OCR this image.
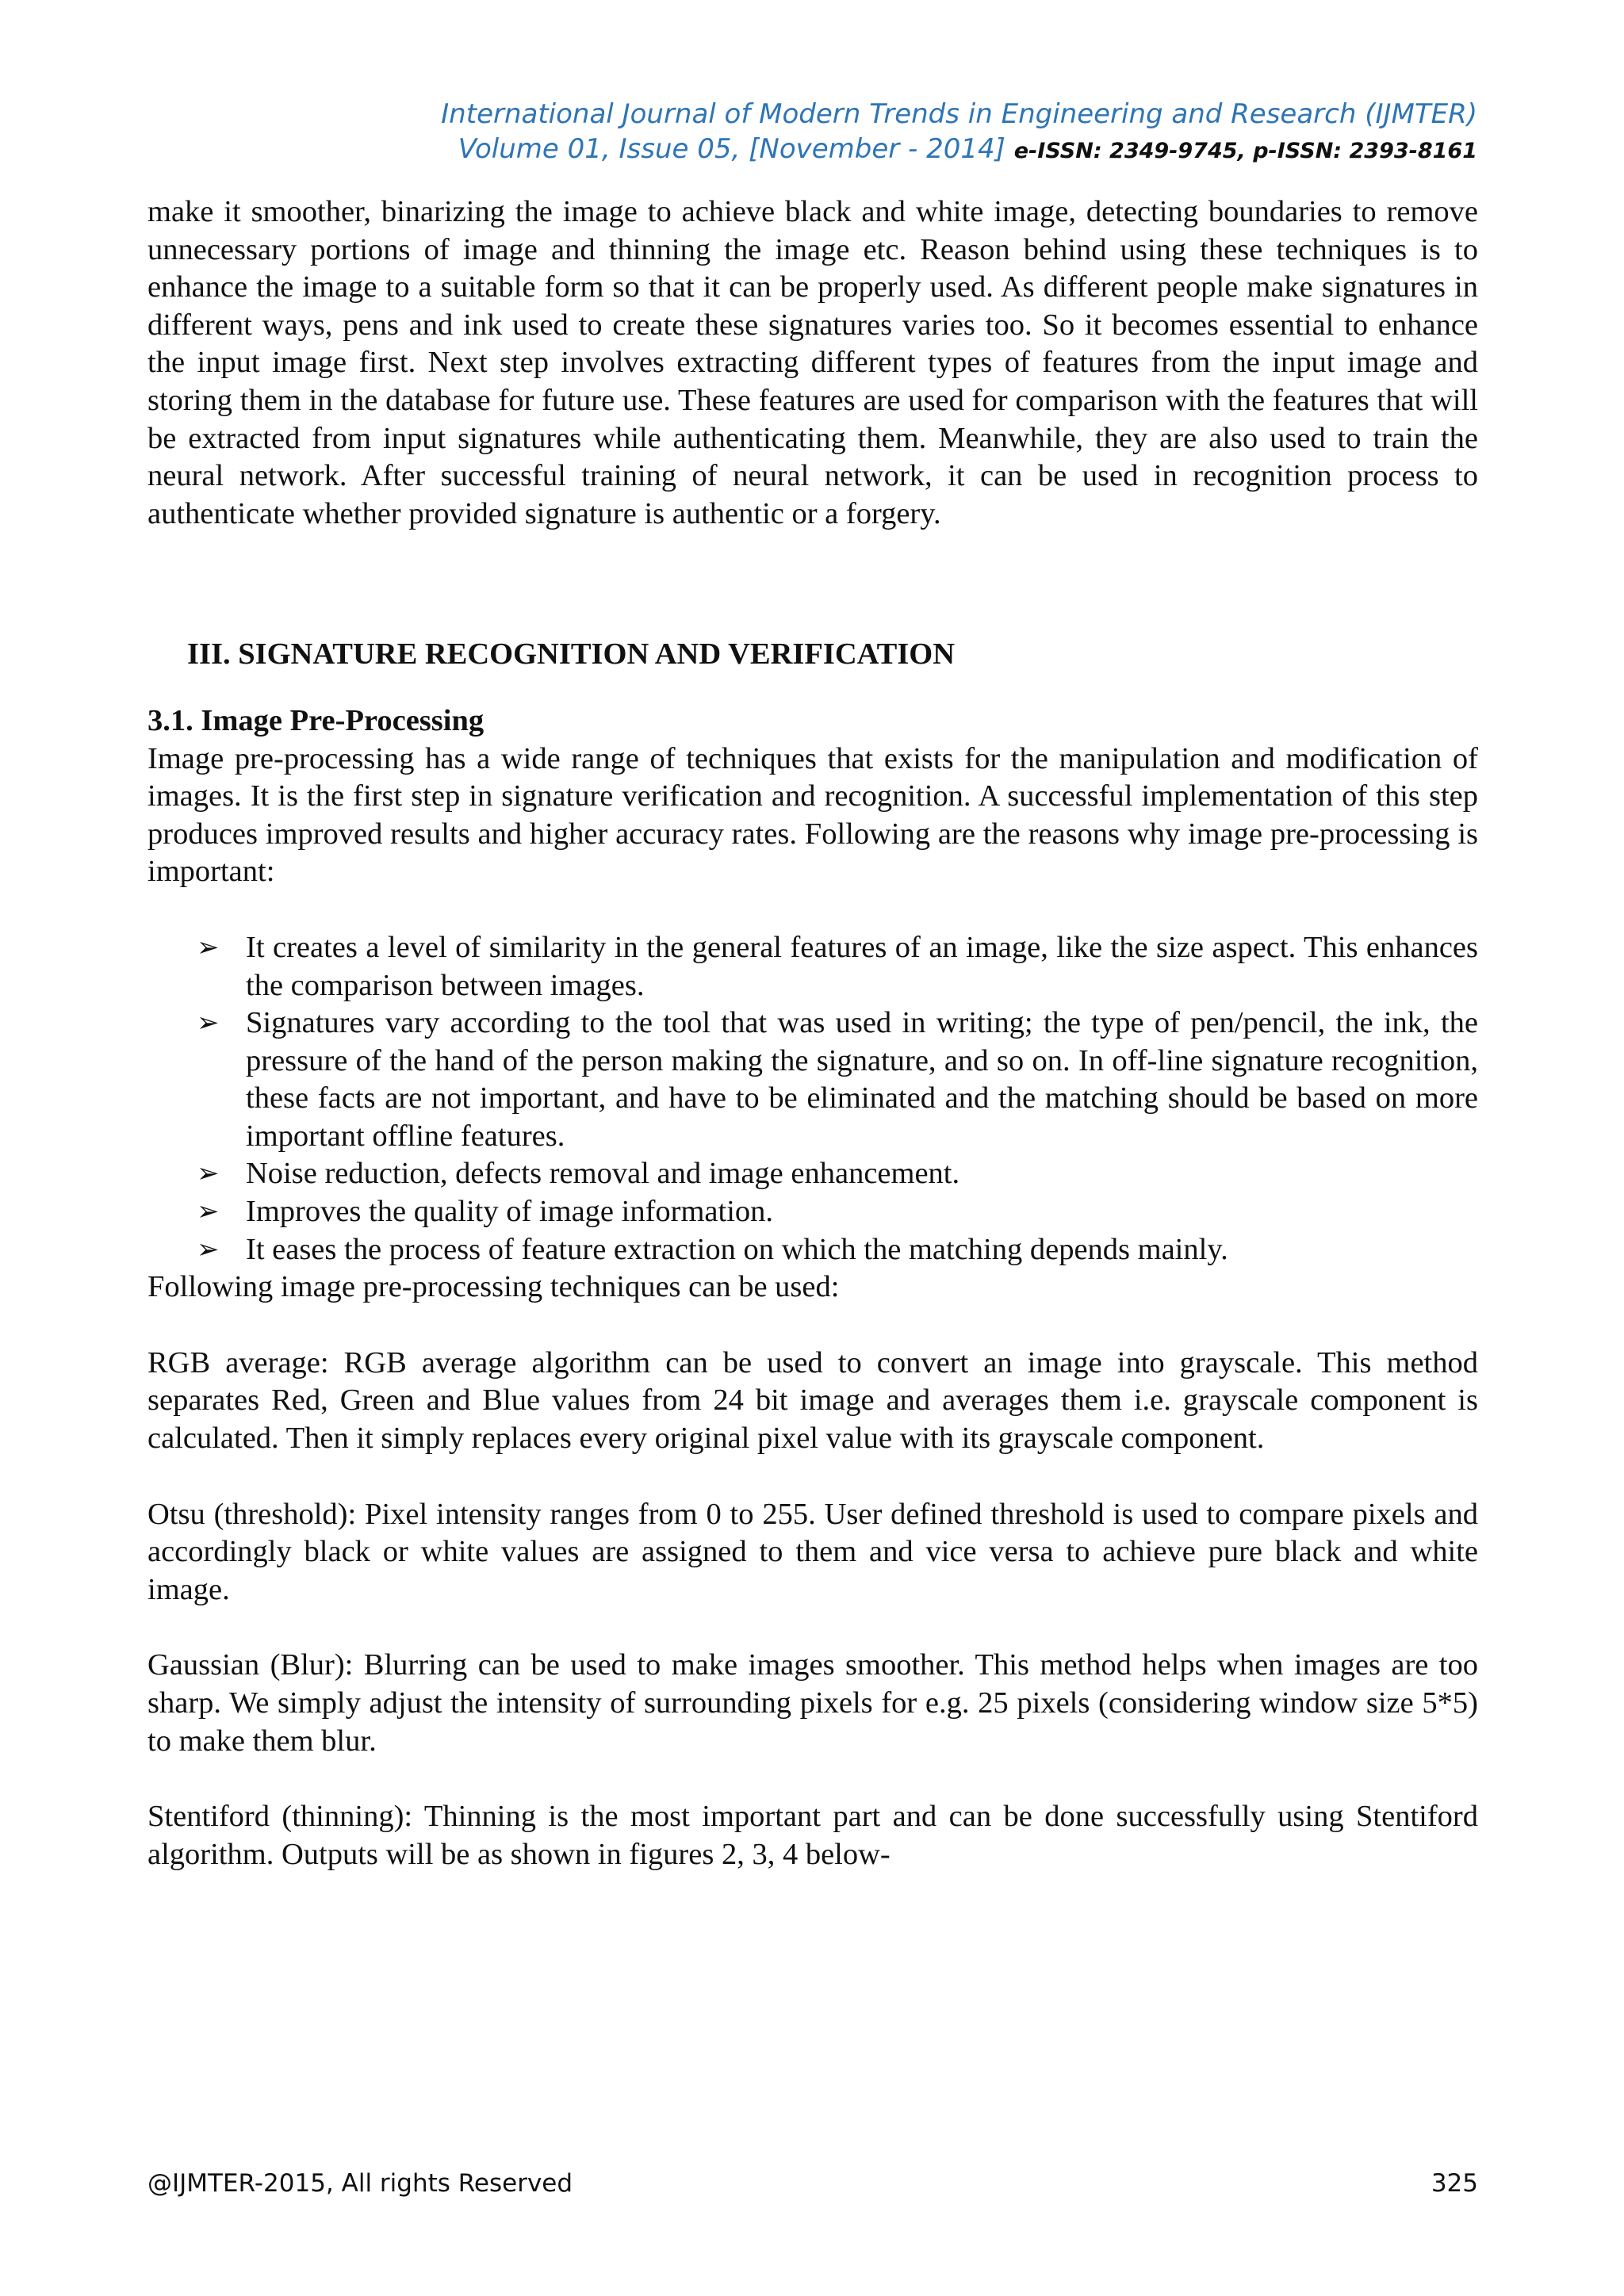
International Journal of Modern Trends in Engineering and Research (IJMTER)
Volume 01, Issue 05, [November - 2014] e-ISSN: 2349-9745, p-ISSN: 2393-8161

make it smoother, binarizing the image to achieve black and white image, detecting boundaries to remove unnecessary portions of image and thinning the image etc. Reason behind using these techniques is to enhance the image to a suitable form so that it can be properly used. As different people make signatures in different ways, pens and ink used to create these signatures varies too. So it becomes essential to enhance the input image first. Next step involves extracting different types of features from the input image and storing them in the database for future use. These features are used for comparison with the features that will be extracted from input signatures while authenticating them. Meanwhile, they are also used to train the neural network. After successful training of neural network, it can be used in recognition process to authenticate whether provided signature is authentic or a forgery.

III. SIGNATURE RECOGNITION AND VERIFICATION

3.1. Image Pre-Processing

Image pre-processing has a wide range of techniques that exists for the manipulation and modification of images. It is the first step in signature verification and recognition. A successful implementation of this step produces improved results and higher accuracy rates. Following are the reasons why image pre-processing is important:

➢ It creates a level of similarity in the general features of an image, like the size aspect. This enhances the comparison between images.
➢ Signatures vary according to the tool that was used in writing; the type of pen/pencil, the ink, the pressure of the hand of the person making the signature, and so on. In off-line signature recognition, these facts are not important, and have to be eliminated and the matching should be based on more important offline features.
➢ Noise reduction, defects removal and image enhancement.
➢ Improves the quality of image information.
➢ It eases the process of feature extraction on which the matching depends mainly.

Following image pre-processing techniques can be used:

RGB average: RGB average algorithm can be used to convert an image into grayscale. This method separates Red, Green and Blue values from 24 bit image and averages them i.e. grayscale component is calculated. Then it simply replaces every original pixel value with its grayscale component.

Otsu (threshold): Pixel intensity ranges from 0 to 255. User defined threshold is used to compare pixels and accordingly black or white values are assigned to them and vice versa to achieve pure black and white image.

Gaussian (Blur): Blurring can be used to make images smoother. This method helps when images are too sharp. We simply adjust the intensity of surrounding pixels for e.g. 25 pixels (considering window size 5*5) to make them blur.

Stentiford (thinning): Thinning is the most important part and can be done successfully using Stentiford algorithm. Outputs will be as shown in figures 2, 3, 4 below-

@IJMTER-2015, All rights Reserved	325
